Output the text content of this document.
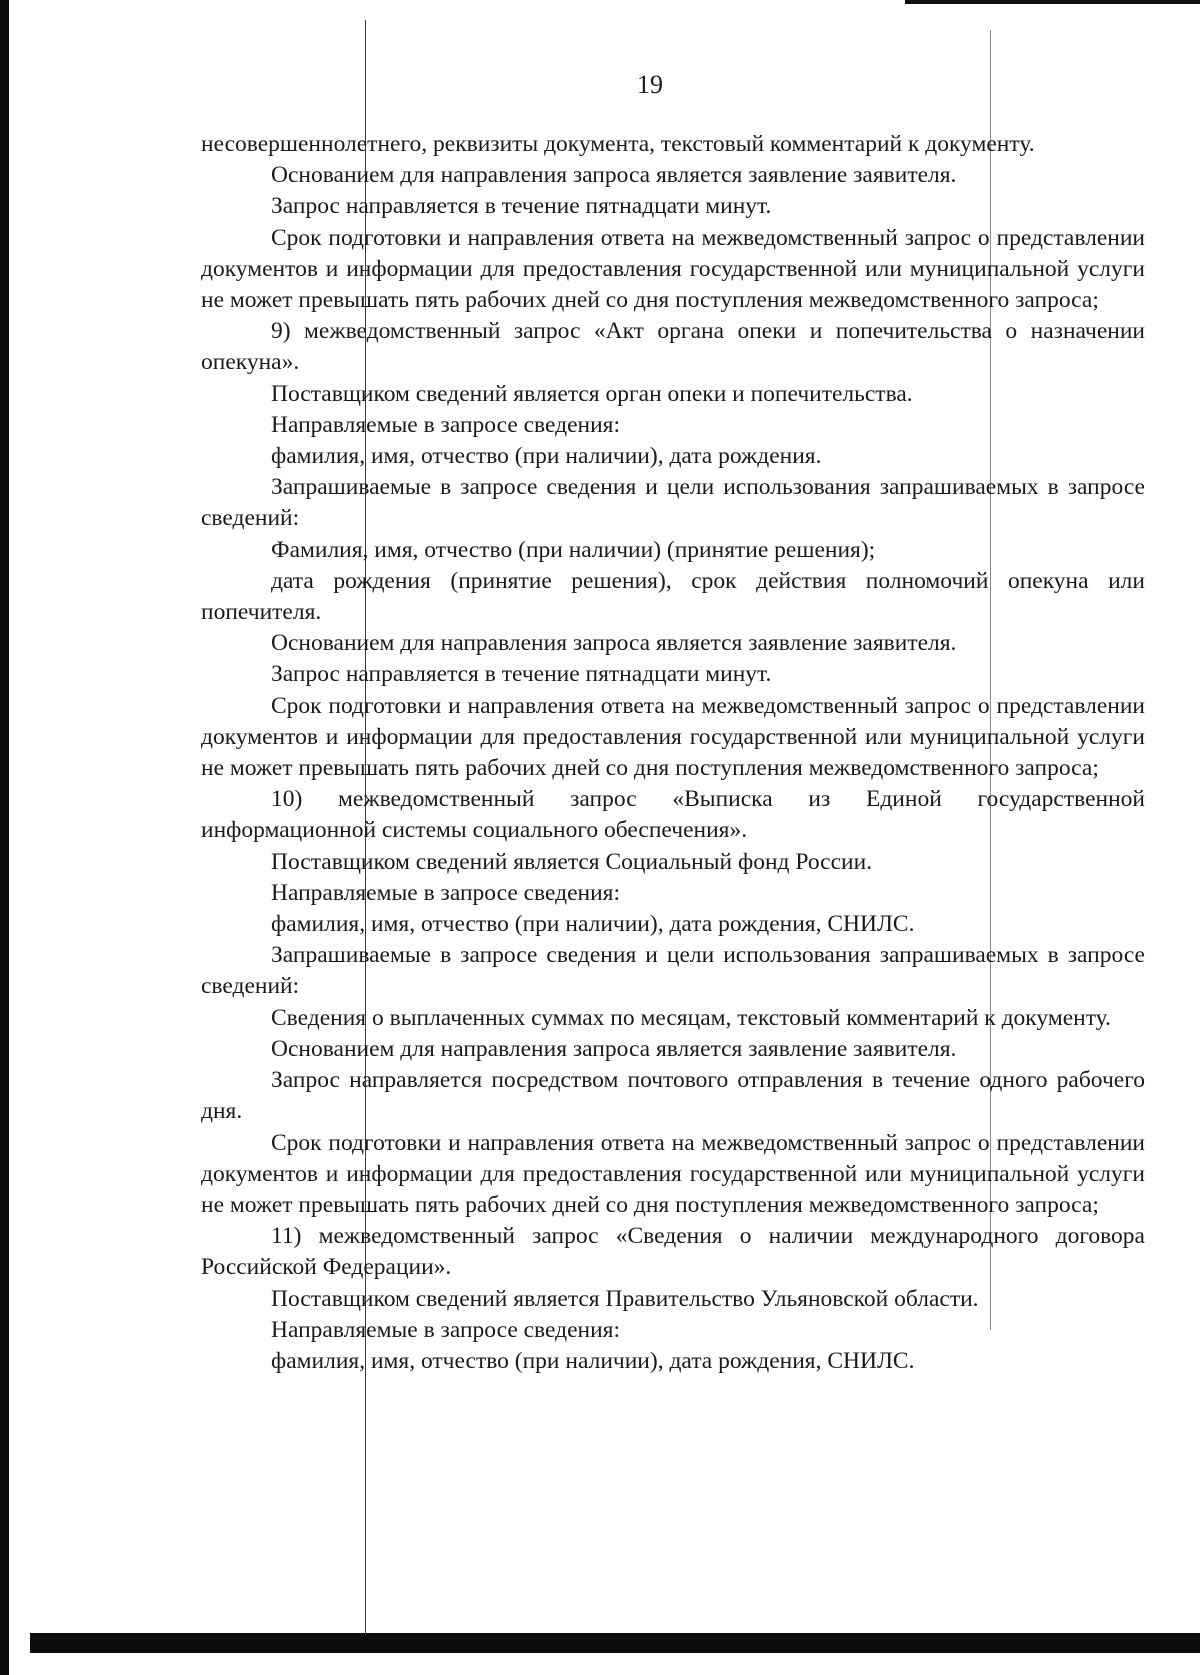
19

несовершеннолетнего, реквизиты документа, текстовый комментарий к документу.

Основанием для направления запроса является заявление заявителя.

Запрос направляется в течение пятнадцати минут.

Срок подготовки и направления ответа на межведомственный запрос о представлении документов и информации для предоставления государственной или муниципальной услуги не может превышать пять рабочих дней со дня поступления межведомственного запроса;

9) межведомственный запрос «Акт органа опеки и попечительства о назначении опекуна».

Поставщиком сведений является орган опеки и попечительства.

Направляемые в запросе сведения:

фамилия, имя, отчество (при наличии), дата рождения.

Запрашиваемые в запросе сведения и цели использования запрашиваемых в запросе сведений:

Фамилия, имя, отчество (при наличии) (принятие решения);

дата рождения (принятие решения), срок действия полномочий опекуна или попечителя.

Основанием для направления запроса является заявление заявителя.

Запрос направляется в течение пятнадцати минут.

Срок подготовки и направления ответа на межведомственный запрос о представлении документов и информации для предоставления государственной или муниципальной услуги не может превышать пять рабочих дней со дня поступления межведомственного запроса;

10) межведомственный запрос «Выписка из Единой государственной информационной системы социального обеспечения».

Поставщиком сведений является Социальный фонд России.

Направляемые в запросе сведения:

фамилия, имя, отчество (при наличии), дата рождения, СНИЛС.

Запрашиваемые в запросе сведения и цели использования запрашиваемых в запросе сведений:

Сведения о выплаченных суммах по месяцам, текстовый комментарий к документу.

Основанием для направления запроса является заявление заявителя.

Запрос направляется посредством почтового отправления в течение одного рабочего дня.

Срок подготовки и направления ответа на межведомственный запрос о представлении документов и информации для предоставления государственной или муниципальной услуги не может превышать пять рабочих дней со дня поступления межведомственного запроса;

11) межведомственный запрос «Сведения о наличии международного договора Российской Федерации».

Поставщиком сведений является Правительство Ульяновской области.

Направляемые в запросе сведения:

фамилия, имя, отчество (при наличии), дата рождения, СНИЛС.
